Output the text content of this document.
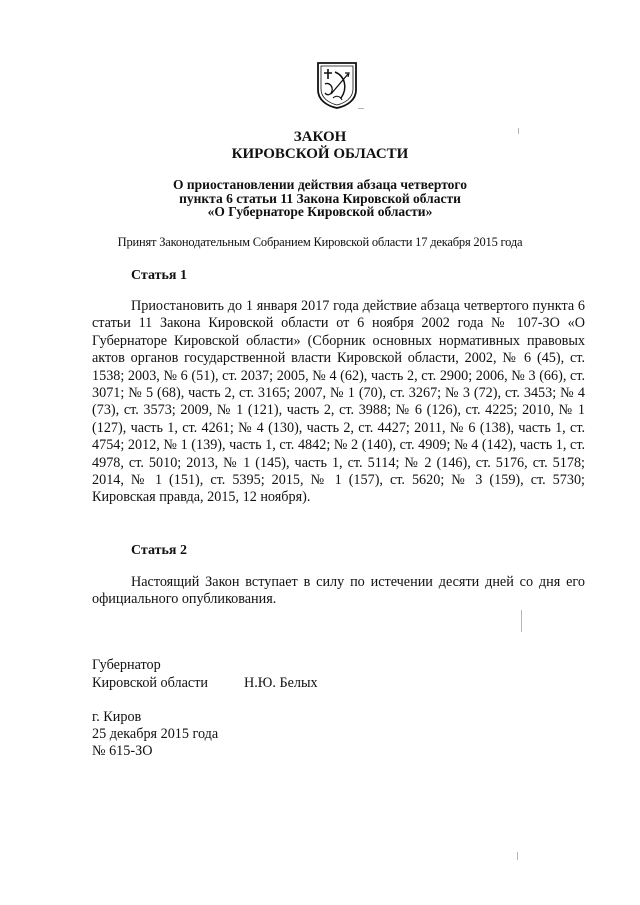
ЗАКОН
КИРОВСКОЙ ОБЛАСТИ
О приостановлении действия абзаца четвертого
пункта 6 статьи 11 Закона Кировской области
«О Губернаторе Кировской области»
Принят Законодательным Собранием Кировской области 17 декабря 2015 года
Статья 1
Приостановить до 1 января 2017 года действие абзаца четвертого пункта 6 статьи 11 Закона Кировской области от 6 ноября 2002 года № 107-ЗО «О Губернаторе Кировской области» (Сборник основных нормативных правовых актов органов государственной власти Кировской области, 2002, № 6 (45), ст. 1538; 2003, № 6 (51), ст. 2037; 2005, № 4 (62), часть 2, ст. 2900; 2006, № 3 (66), ст. 3071; № 5 (68), часть 2, ст. 3165; 2007, № 1 (70), ст. 3267; № 3 (72), ст. 3453; № 4 (73), ст. 3573; 2009, № 1 (121), часть 2, ст. 3988; № 6 (126), ст. 4225; 2010, № 1 (127), часть 1, ст. 4261; № 4 (130), часть 2, ст. 4427; 2011, № 6 (138), часть 1, ст. 4754; 2012, № 1 (139), часть 1, ст. 4842; № 2 (140), ст. 4909; № 4 (142), часть 1, ст. 4978, ст. 5010; 2013, № 1 (145), часть 1, ст. 5114; № 2 (146), ст. 5176, ст. 5178; 2014, № 1 (151), ст. 5395; 2015, № 1 (157), ст. 5620; № 3 (159), ст. 5730; Кировская правда, 2015, 12 ноября).
Статья 2
Настоящий Закон вступает в силу по истечении десяти дней со дня его официального опубликования.
Губернатор
Кировской области	Н.Ю. Белых
г. Киров
25 декабря 2015 года
№ 615-ЗО
